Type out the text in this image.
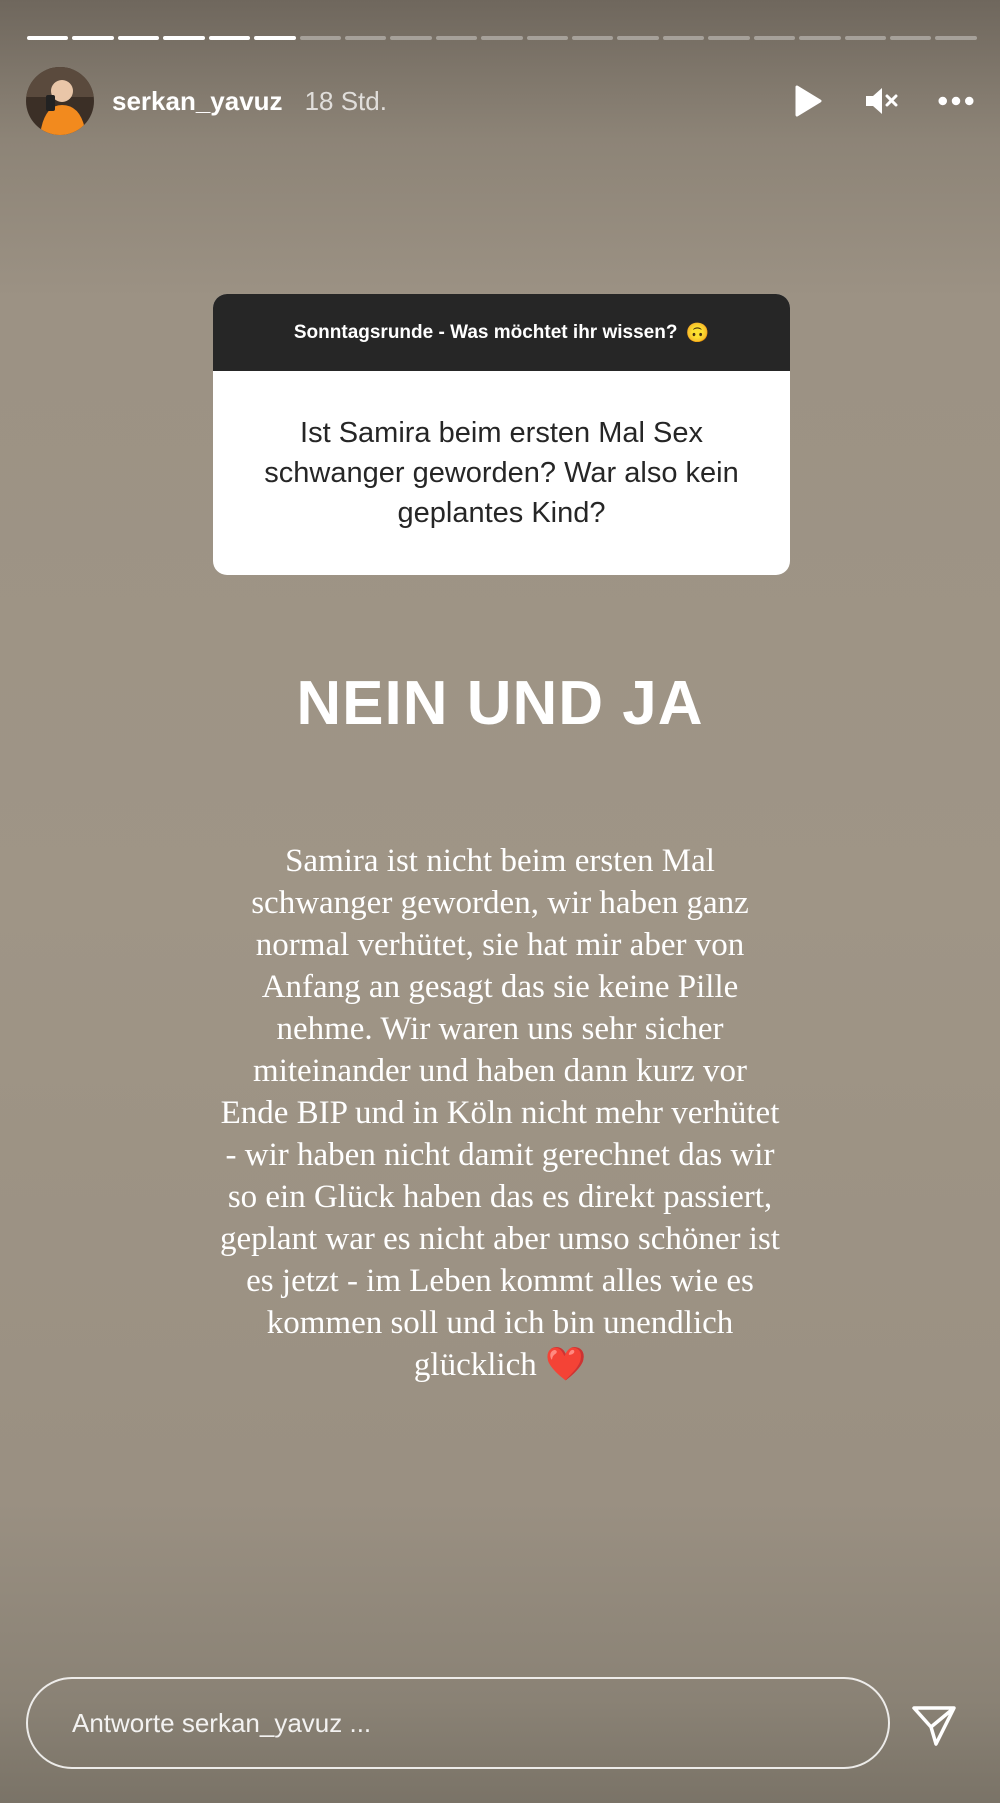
serkan_yavuz 18 Std.
Sonntagsrunde - Was möchtet ihr wissen? 🙃
Ist Samira beim ersten Mal Sex schwanger geworden? War also kein geplantes Kind?
NEIN UND JA
Samira ist nicht beim ersten Mal schwanger geworden, wir haben ganz normal verhütet, sie hat mir aber von Anfang an gesagt das sie keine Pille nehme. Wir waren uns sehr sicher miteinander und haben dann kurz vor Ende BIP und in Köln nicht mehr verhütet - wir haben nicht damit gerechnet das wir so ein Glück haben das es direkt passiert, geplant war es nicht aber umso schöner ist es jetzt - im Leben kommt alles wie es kommen soll und ich bin unendlich glücklich ❤️
Antworte serkan_yavuz ...
